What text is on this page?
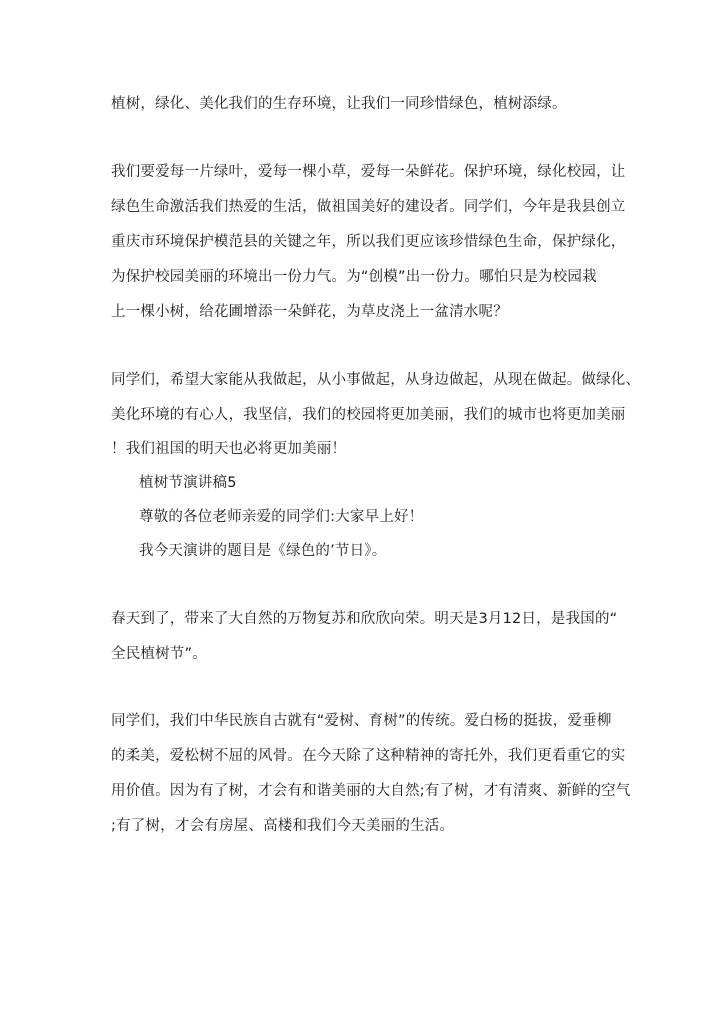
植树，绿化、美化我们的生存环境，让我们一同珍惜绿色，植树添绿。
我们要爱每一片绿叶，爱每一棵小草，爱每一朵鲜花。保护环境，绿化校园，让
绿色生命激活我们热爱的生活，做祖国美好的建设者。同学们，今年是我县创立
重庆市环境保护模范县的关键之年，所以我们更应该珍惜绿色生命，保护绿化，
为保护校园美丽的环境出一份力气。为“创模”出一份力。哪怕只是为校园栽
上一棵小树，给花圃增添一朵鲜花，为草皮浇上一盆清水呢？
同学们，希望大家能从我做起，从小事做起，从身边做起，从现在做起。做绿化、
美化环境的有心人，我坚信，我们的校园将更加美丽，我们的城市也将更加美丽
！我们祖国的明天也必将更加美丽！
植树节演讲稿5
尊敬的各位老师亲爱的同学们:大家早上好！
我今天演讲的题目是《绿色的’节日》。
春天到了，带来了大自然的万物复苏和欣欣向荣。明天是3月12日，是我国的“
全民植树节”。
同学们，我们中华民族自古就有“爱树、育树”的传统。爱白杨的挺拔，爱垂柳
的柔美，爱松树不屈的风骨。在今天除了这种精神的寄托外，我们更看重它的实
用价值。因为有了树，才会有和谐美丽的大自然;有了树，才有清爽、新鲜的空气
;有了树，才会有房屋、高楼和我们今天美丽的生活。
